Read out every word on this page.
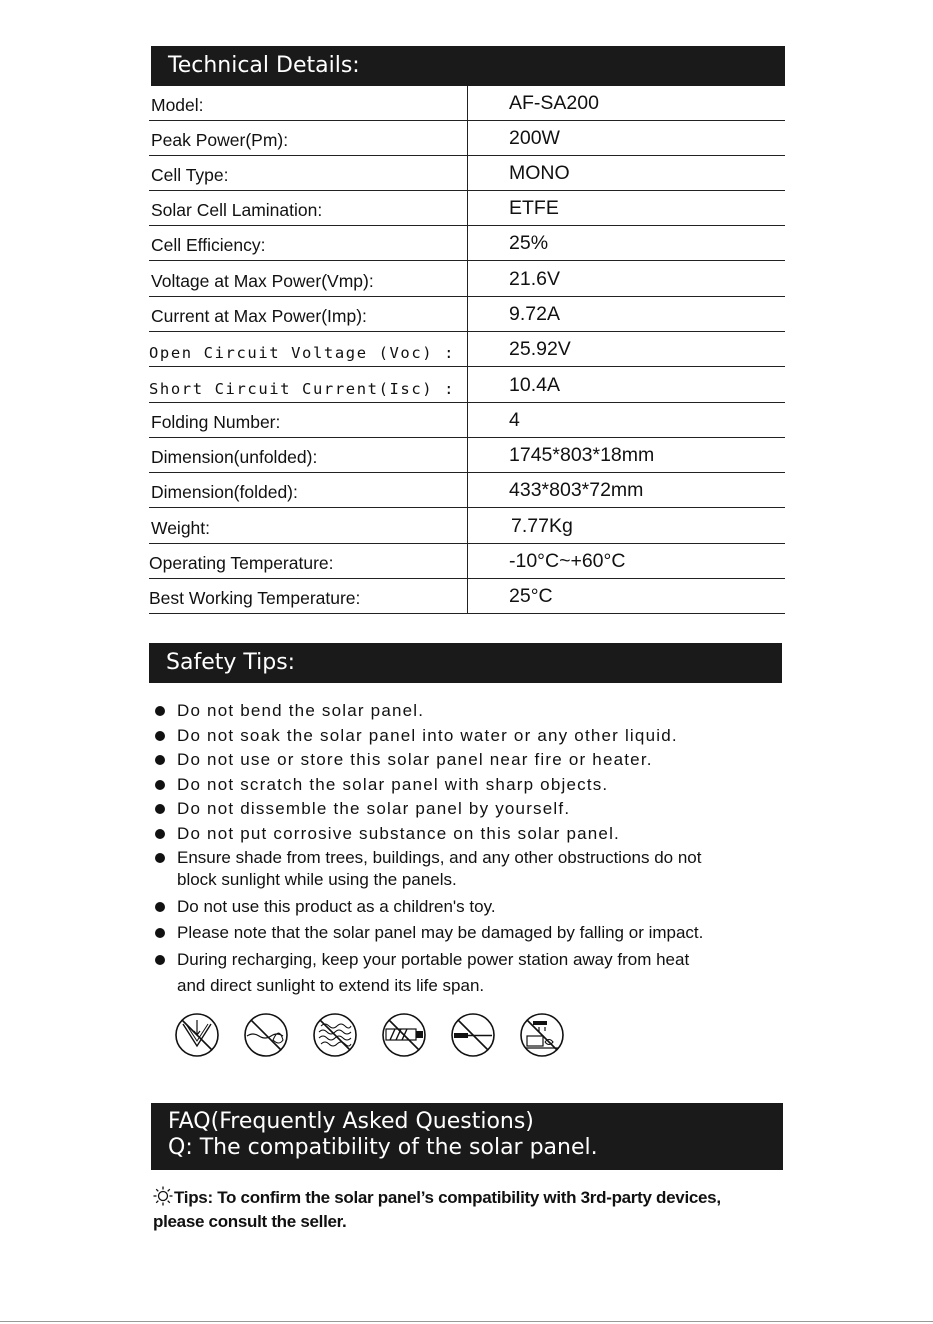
Technical Details:
Model:	AF-SA200
Peak Power(Pm):	200W
Cell Type:	MONO
Solar Cell Lamination:	ETFE
Cell Efficiency:	25%
Voltage at Max Power(Vmp):	21.6V
Current at Max Power(Imp):	9.72A
Open Circuit Voltage (Voc) :	25.92V
Short Circuit Current(Isc) :	10.4A
Folding Number:	4
Dimension(unfolded):	1745*803*18mm
Dimension(folded):	433*803*72mm
Weight:	7.77Kg
Operating Temperature:	-10°C~+60°C
Best Working Temperature:	25°C
Safety Tips:
Do not bend the solar panel.
Do not soak the solar panel into water or any other liquid.
Do not use or store this solar panel near fire or heater.
Do not scratch the solar panel with sharp objects.
Do not dissemble the solar panel by yourself.
Do not put corrosive substance on this solar panel.
Ensure shade from trees, buildings, and any other obstructions do not
block sunlight while using the panels.
Do not use this product as a children's toy.
Please note that the solar panel may be damaged by falling or impact.
During recharging, keep your portable power station away from heat
and direct sunlight to extend its life span.
FAQ(Frequently Asked Questions)
Q: The compatibility of the solar panel.
Tips: To confirm the solar panel’s compatibility with 3rd-party devices,
please consult the seller.
